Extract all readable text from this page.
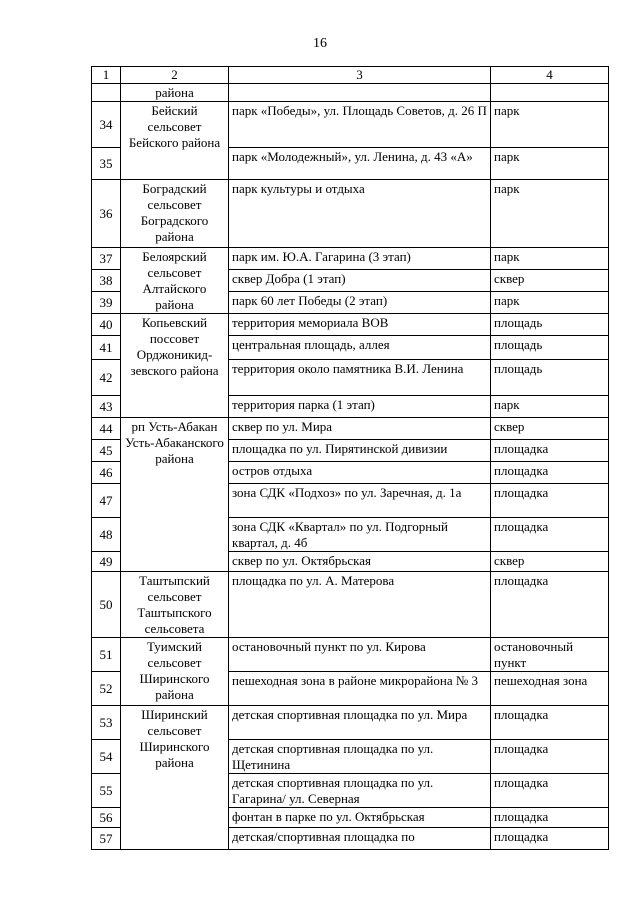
16
1	2	3	4
	района		
34	Бейский сельсовет Бейского района	парк «Победы», ул. Площадь Советов, д. 26 П	парк
35		парк «Молодежный», ул. Ленина, д. 43 «А»	парк
36	Боградский сельсовет Боградского района	парк культуры и отдыха	парк
37	Белоярский сельсовет Алтайского района	парк им. Ю.А. Гагарина (3 этап)	парк
38		сквер Добра (1 этап)	сквер
39		парк 60 лет Победы (2 этап)	парк
40	Копьевский поссовет Орджоникид-зевского района	территория мемориала ВОВ	площадь
41		центральная площадь, аллея	площадь
42		территория около памятника В.И. Ленина	площадь
43		территория парка (1 этап)	парк
44	рп Усть-Абакан Усть-Абаканского района	сквер по ул. Мира	сквер
45		площадка по ул. Пирятинской дивизии	площадка
46		остров отдыха	площадка
47		зона СДК «Подхоз» по ул. Заречная, д. 1а	площадка
48		зона СДК «Квартал» по ул. Подгорный квартал, д. 4б	площадка
49		сквер по ул. Октябрьская	сквер
50	Таштыпский сельсовет Таштыпского сельсовета	площадка по ул. А. Матерова	площадка
51	Туимский сельсовет Ширинского района	остановочный пункт по ул. Кирова	остановочный пункт
52		пешеходная зона в районе микрорайона № 3	пешеходная зона
53	Ширинский сельсовет Ширинского района	детская спортивная площадка по ул. Мира	площадка
54		детская спортивная площадка по ул. Щетинина	площадка
55		детская спортивная площадка по ул. Гагарина/ ул. Северная	площадка
56		фонтан в парке по ул. Октябрьская	площадка
57		детская/спортивная площадка по	площадка
